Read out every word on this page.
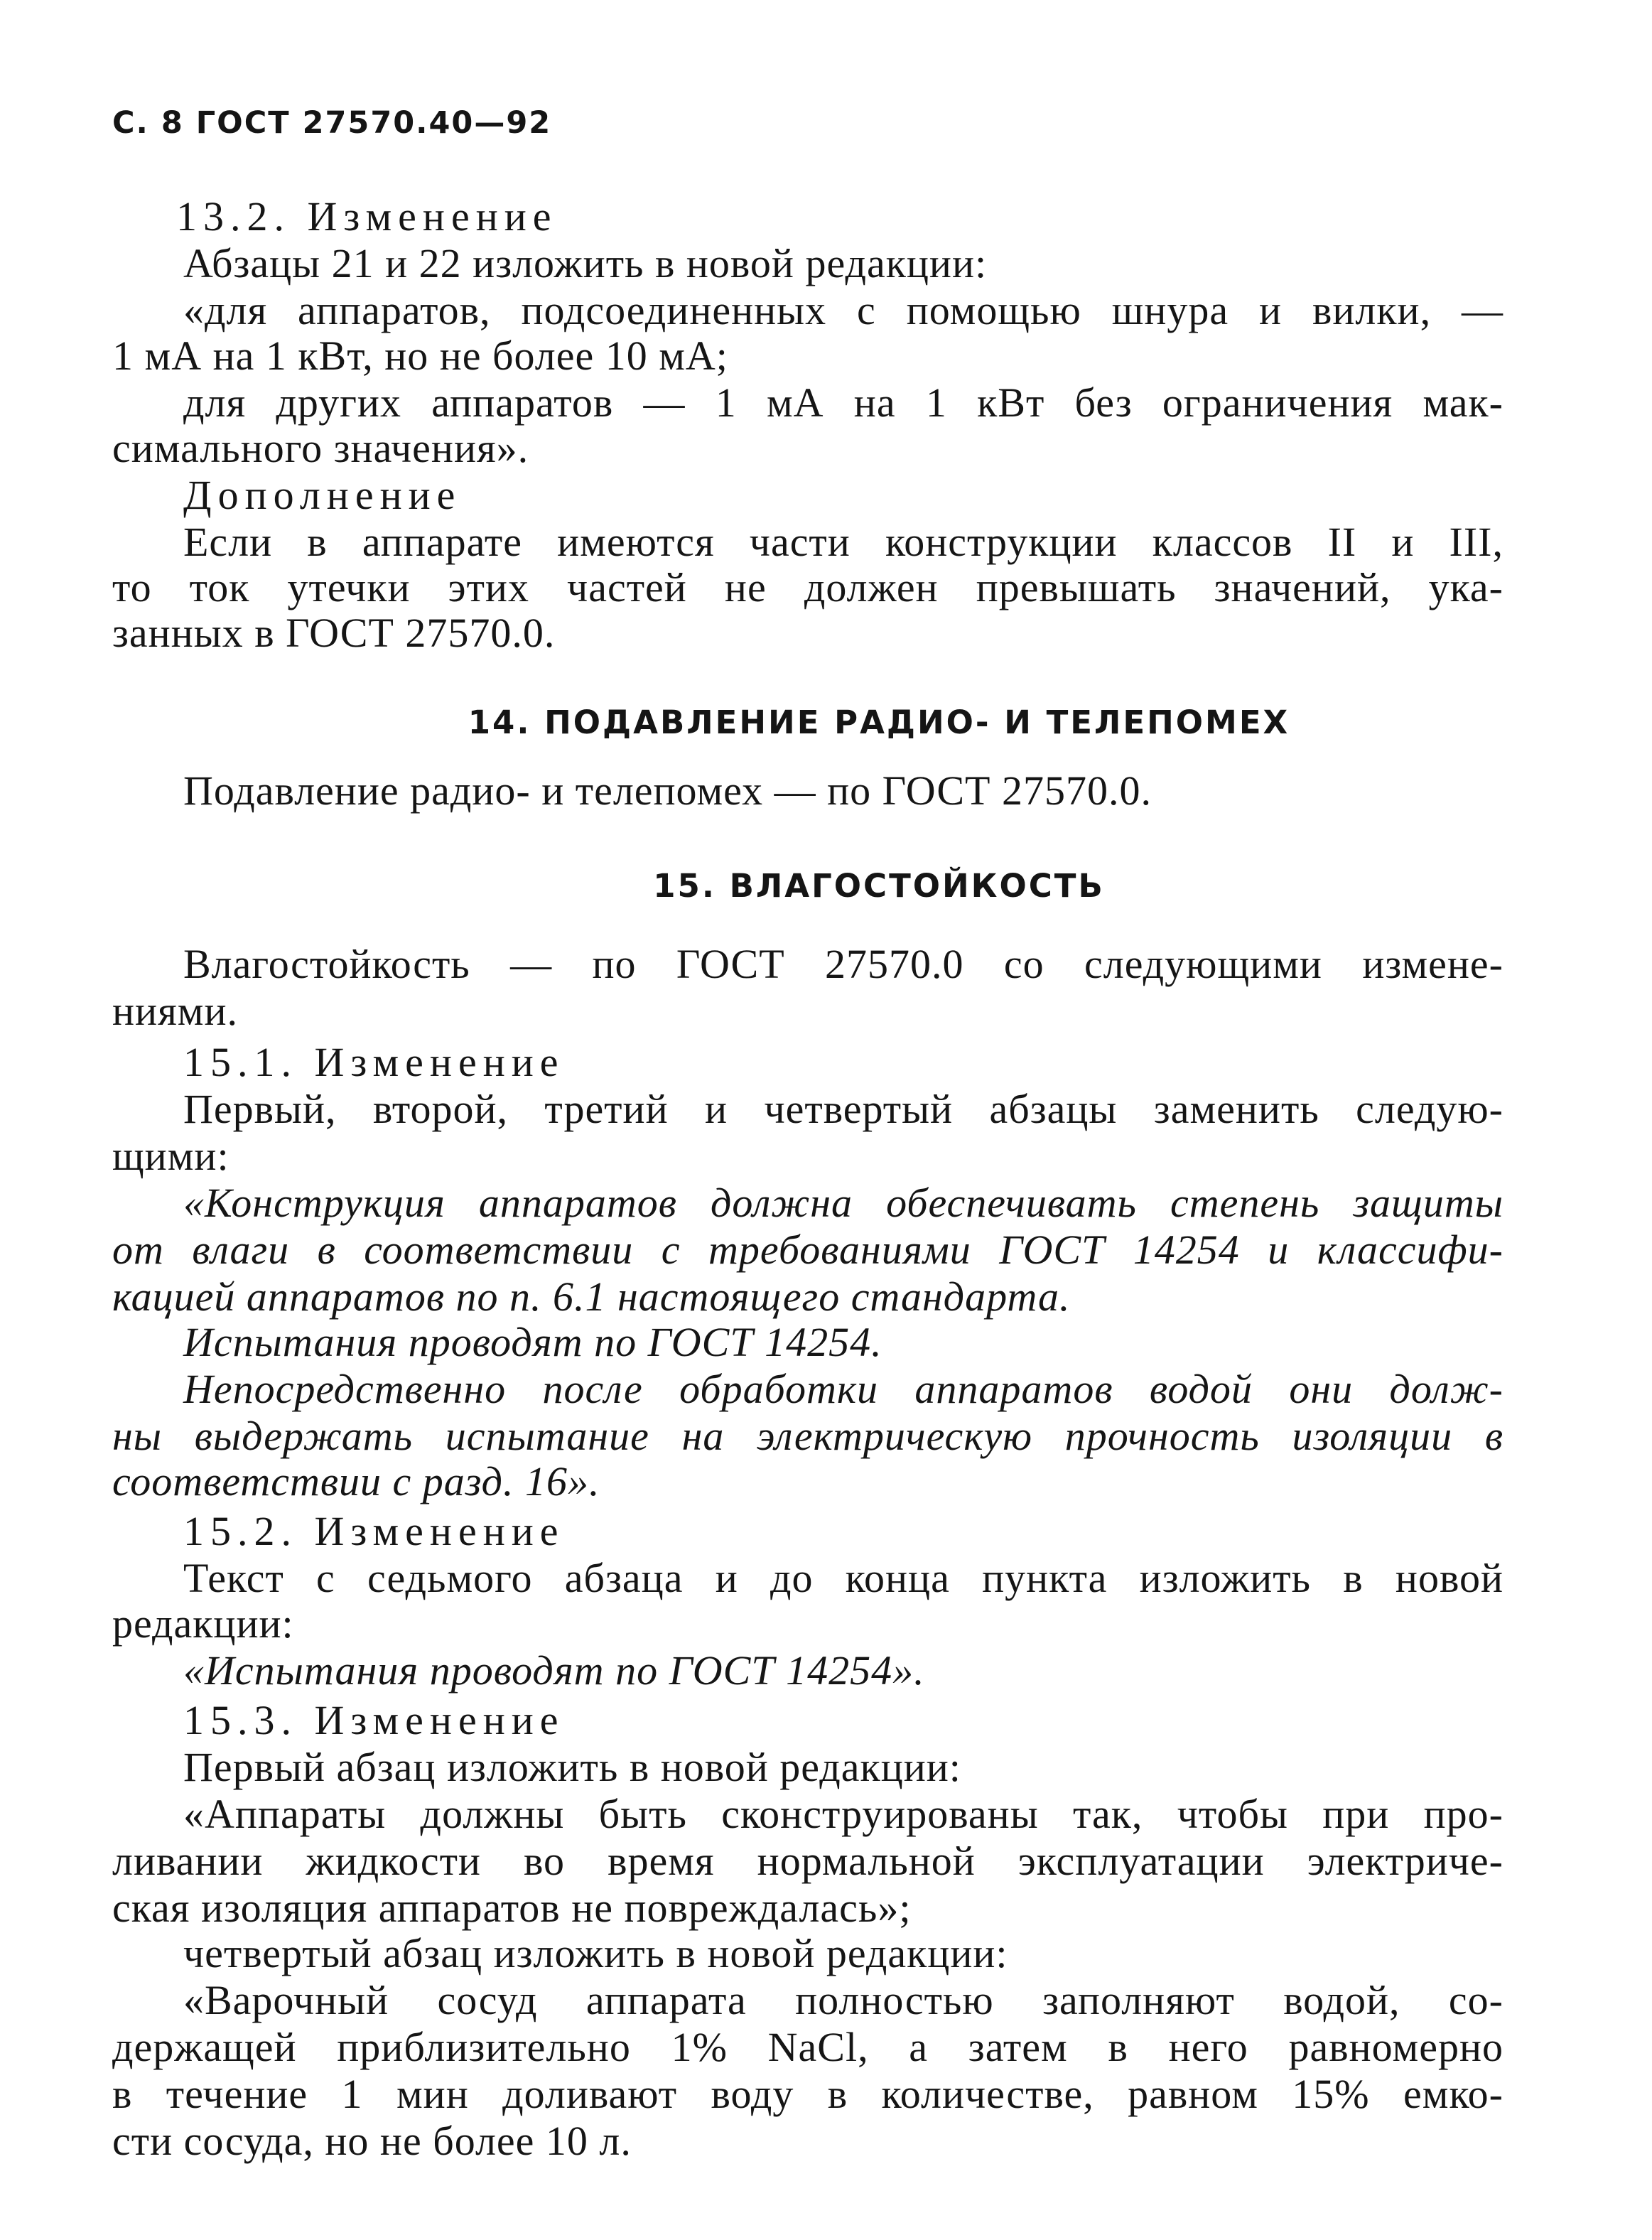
С. 8 ГОСТ 27570.40—92
13.2. Изменение
Абзацы 21 и 22 изложить в новой редакции:
«для аппаратов, подсоединенных с помощью шнура и вилки, —
1 мА на 1 кВт, но не более 10 мА;
для других аппаратов — 1 мА на 1 кВт без ограничения мак-
симального значения».
Дополнение
Если в аппарате имеются части конструкции классов II и III,
то ток утечки этих частей не должен превышать значений, ука-
занных в ГОСТ 27570.0.
14. ПОДАВЛЕНИЕ РАДИО- И ТЕЛЕПОМЕХ
Подавление радио- и телепомех — по ГОСТ 27570.0.
15. ВЛАГОСТОЙКОСТЬ
Влагостойкость — по ГОСТ 27570.0 со следующими измене-
ниями.
15.1. Изменение
Первый, второй, третий и четвертый абзацы заменить следую-
щими:
«Конструкция аппаратов должна обеспечивать степень защиты
от влаги в соответствии с требованиями ГОСТ 14254 и классифи-
кацией аппаратов по п. 6.1 настоящего стандарта.
Испытания проводят по ГОСТ 14254.
Непосредственно после обработки аппаратов водой они долж-
ны выдержать испытание на электрическую прочность изоляции в
соответствии с разд. 16».
15.2. Изменение
Текст с седьмого абзаца и до конца пункта изложить в новой
редакции:
«Испытания проводят по ГОСТ 14254».
15.3. Изменение
Первый абзац изложить в новой редакции:
«Аппараты должны быть сконструированы так, чтобы при про-
ливании жидкости во время нормальной эксплуатации электриче-
ская изоляция аппаратов не повреждалась»;
четвертый абзац изложить в новой редакции:
«Варочный сосуд аппарата полностью заполняют водой, со-
держащей приблизительно 1% NaCl, а затем в него равномерно
в течение 1 мин доливают воду в количестве, равном 15% емко-
сти сосуда, но не более 10 л.
